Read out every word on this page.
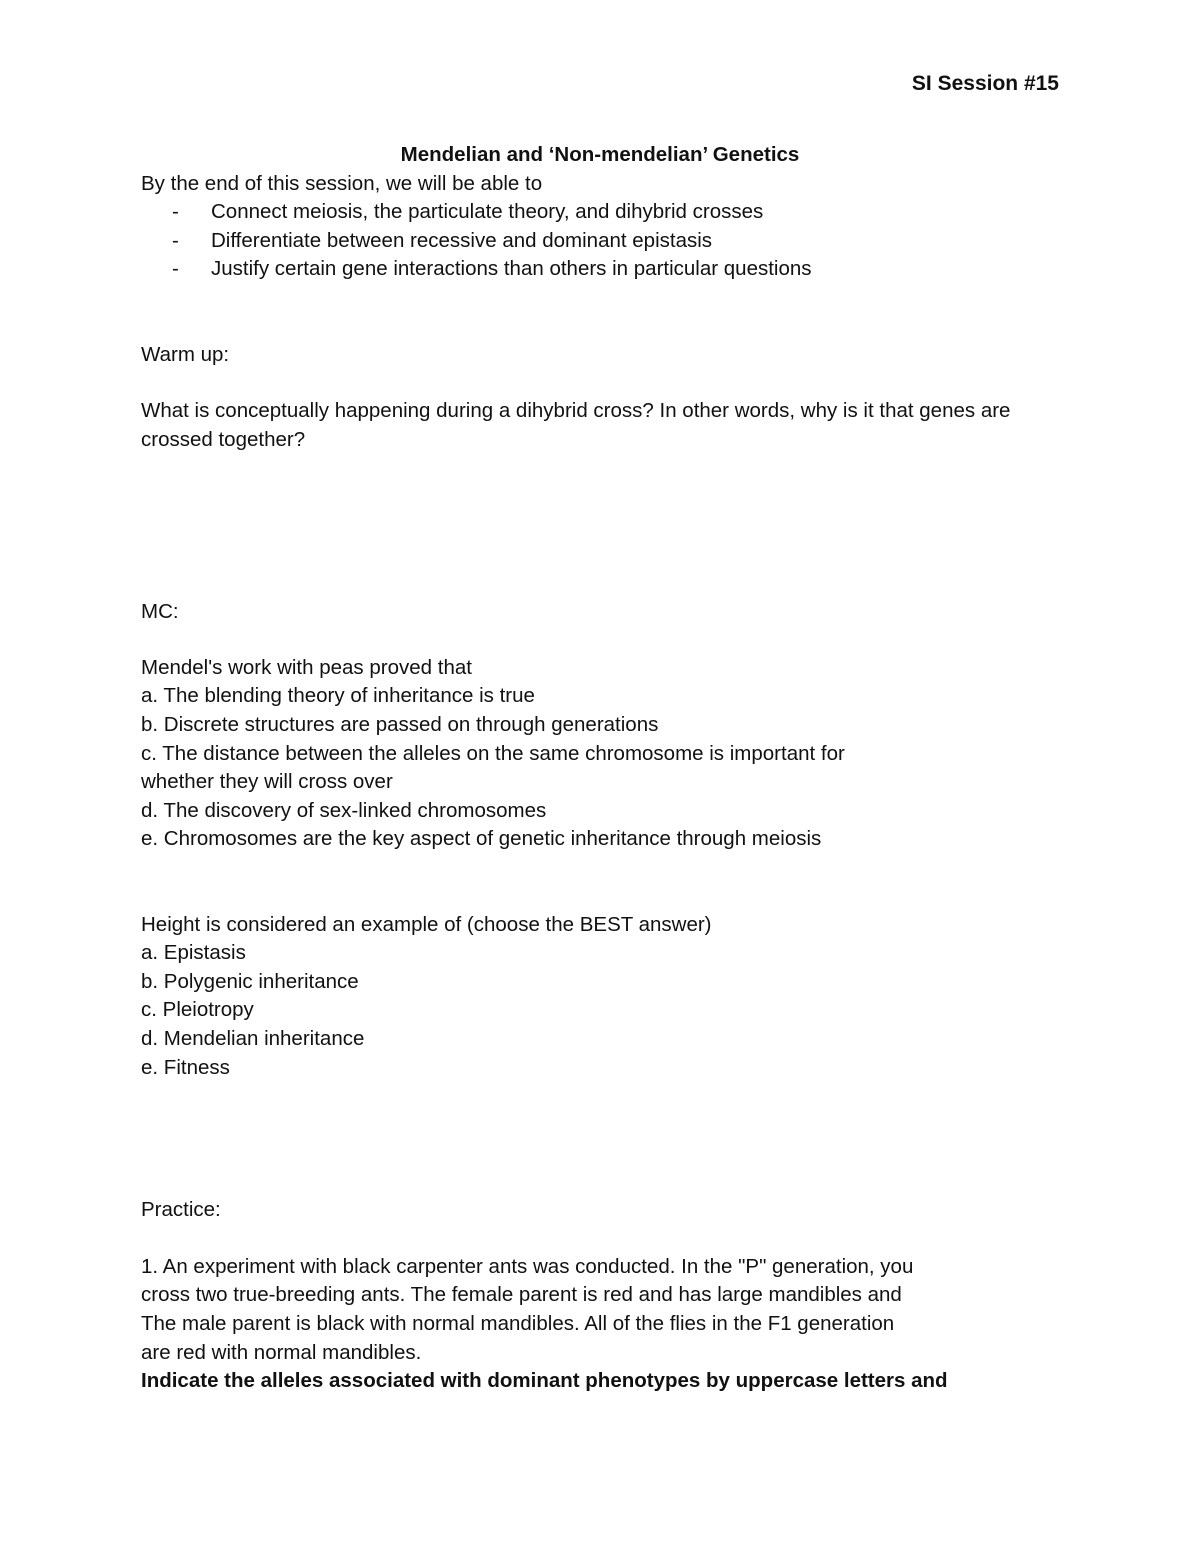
SI Session #15
Mendelian and ‘Non-mendelian’ Genetics
By the end of this session, we will be able to
- Connect meiosis, the particulate theory, and dihybrid crosses
- Differentiate between recessive and dominant epistasis
- Justify certain gene interactions than others in particular questions
Warm up:
What is conceptually happening during a dihybrid cross? In other words, why is it that genes are
crossed together?
MC:
Mendel's work with peas proved that
a. The blending theory of inheritance is true
b. Discrete structures are passed on through generations
c. The distance between the alleles on the same chromosome is important for
whether they will cross over
d. The discovery of sex-linked chromosomes
e. Chromosomes are the key aspect of genetic inheritance through meiosis
Height is considered an example of (choose the BEST answer)
a. Epistasis
b. Polygenic inheritance
c. Pleiotropy
d. Mendelian inheritance
e. Fitness
Practice:
1. An experiment with black carpenter ants was conducted. In the "P" generation, you
cross two true-breeding ants. The female parent is red and has large mandibles and
The male parent is black with normal mandibles. All of the flies in the F1 generation
are red with normal mandibles.
Indicate the alleles associated with dominant phenotypes by uppercase letters and
